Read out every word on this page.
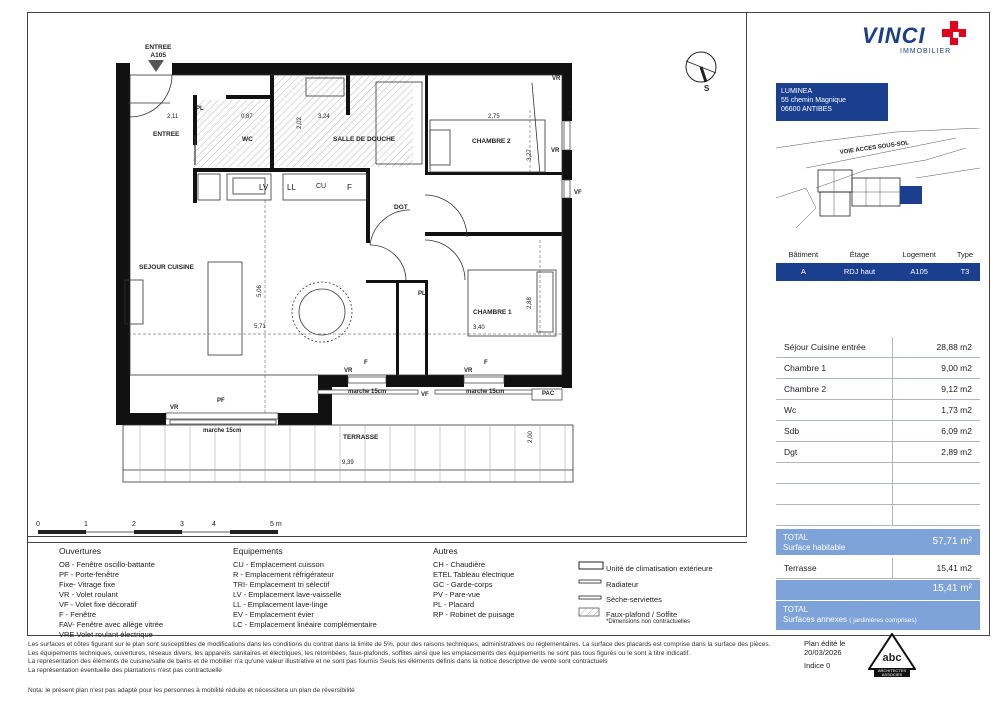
ENTREE
A105
ENTREE
WC	SALLE DE DOUCHE	CHAMBRE 2
DGT
SEJOUR CUISINE
CHAMBRE 1
TERRASSE
PL
PL
LV LL	CU	F
F	F
F
VR	VR
VR
VR
VF
VF
PF
PAC
marche 15cm	marche 15cm
marche 15cm
VR
2,11	0,87
2,02
3,24	2,75
3,27
5,06
5,71
2,88
3,40
2,00
9,39
S
0	1	2	3	4	5 m
VINCI
IMMOBILIER
LUMINEA
55 chemin Magnique
06600 ANTIBES
VOIE ACCES SOUS-SOL
Bâtiment	Étage	Logement	Type
A	RDJ haut	A105	T3
Séjour Cuisine entrée	28,88 m2
Chambre 1	9,00 m2
Chambre 2	9,12 m2
Wc	1,73 m2
Sdb	6,09 m2
Dgt	2,89 m2
TOTAL
Surface habitable
57,71 m²
Terrasse	15,41 m2
15,41 m²
TOTAL
Surfaces annexes ( jardinières comprises)
Ouvertures
OB - Fenêtre oscillo-battante
PF - Porte-fenêtre
Fixe- Vitrage fixe
VR - Volet roulant
VF - Volet fixe décoratif
F - Fenêtre
FAV- Fenêtre avec allège vitrée
VRE Volet roulant électrique
Equipements
CU - Emplacement cuisson
R - Emplacement réfrigérateur
TRI- Emplacement tri sélectif
LV - Emplacement lave-vaisselle
LL - Emplacement lave-linge
EV - Emplacement évier
LC - Emplacement linéaire complémentaire
Autres
CH - Chaudière
ETEL Tableau électrique
GC - Garde-corps
PV - Pare-vue
PL - Placard
RP - Robinet de puisage
Unité de climatisation extérieure
Radiateur
Sèche-serviettes
Faux-plafond / Soffite
*Dimensions non contractuelles
Les surfaces et côtes figurant sur le plan sont susceptibles de modifications dans les conditions du contrat dans la limite de 5%, pour des raisons techniques, administratives ou réglementaires. La surface des placards est comprise dans la surface des pièces.
Les équipements techniques, ouvertures, réseaux divers, les appareils sanitaires et électriques, les retombées, faux-plafonds, soffites ainsi que les emplacements des équipements ne sont pas tous figurés ou le sont à titre indicatif.
La représentation des éléments de cuisine/salle de bains et de mobilier n'a qu'une valeur illustrative et ne sont pas fournis Seuls les éléments définis dans la notice descriptive de vente sont contractuels
La représentation éventuelle des plantations n'est pas contractuelle
Nota: le présent plan n'est pas adapté pour les personnes à mobilité réduite et nécessitera un plan de réversibilité
Plan édité le
20/03/2026
Indice 0
abc
ARCHITECTES
ASSOCIES
